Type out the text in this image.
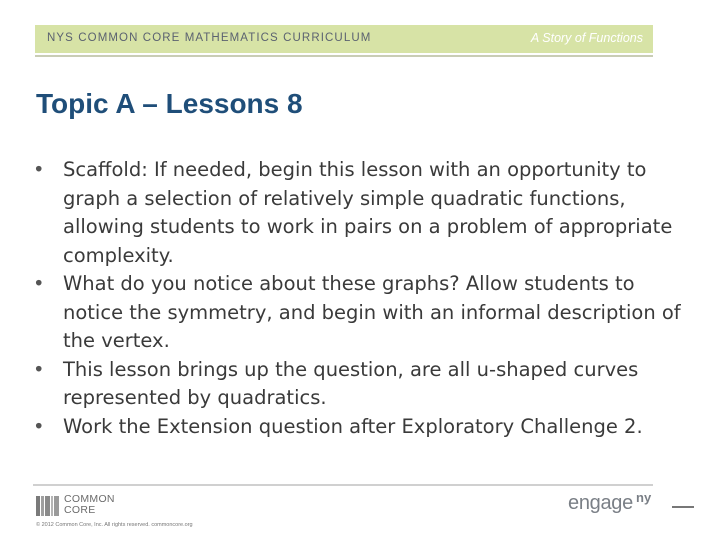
NYS COMMON CORE MATHEMATICS CURRICULUM	A Story of Functions
Topic A – Lessons 8
• Scaffold: If needed, begin this lesson with an opportunity to graph a selection of relatively simple quadratic functions, allowing students to work in pairs on a problem of appropriate complexity.
• What do you notice about these graphs? Allow students to notice the symmetry, and begin with an informal description of the vertex.
• This lesson brings up the question, are all u-shaped curves represented by quadratics.
• Work the Extension question after Exploratory Challenge 2.
COMMON
CORE
© 2012 Common Core, Inc. All rights reserved. commoncore.org
engage ny
